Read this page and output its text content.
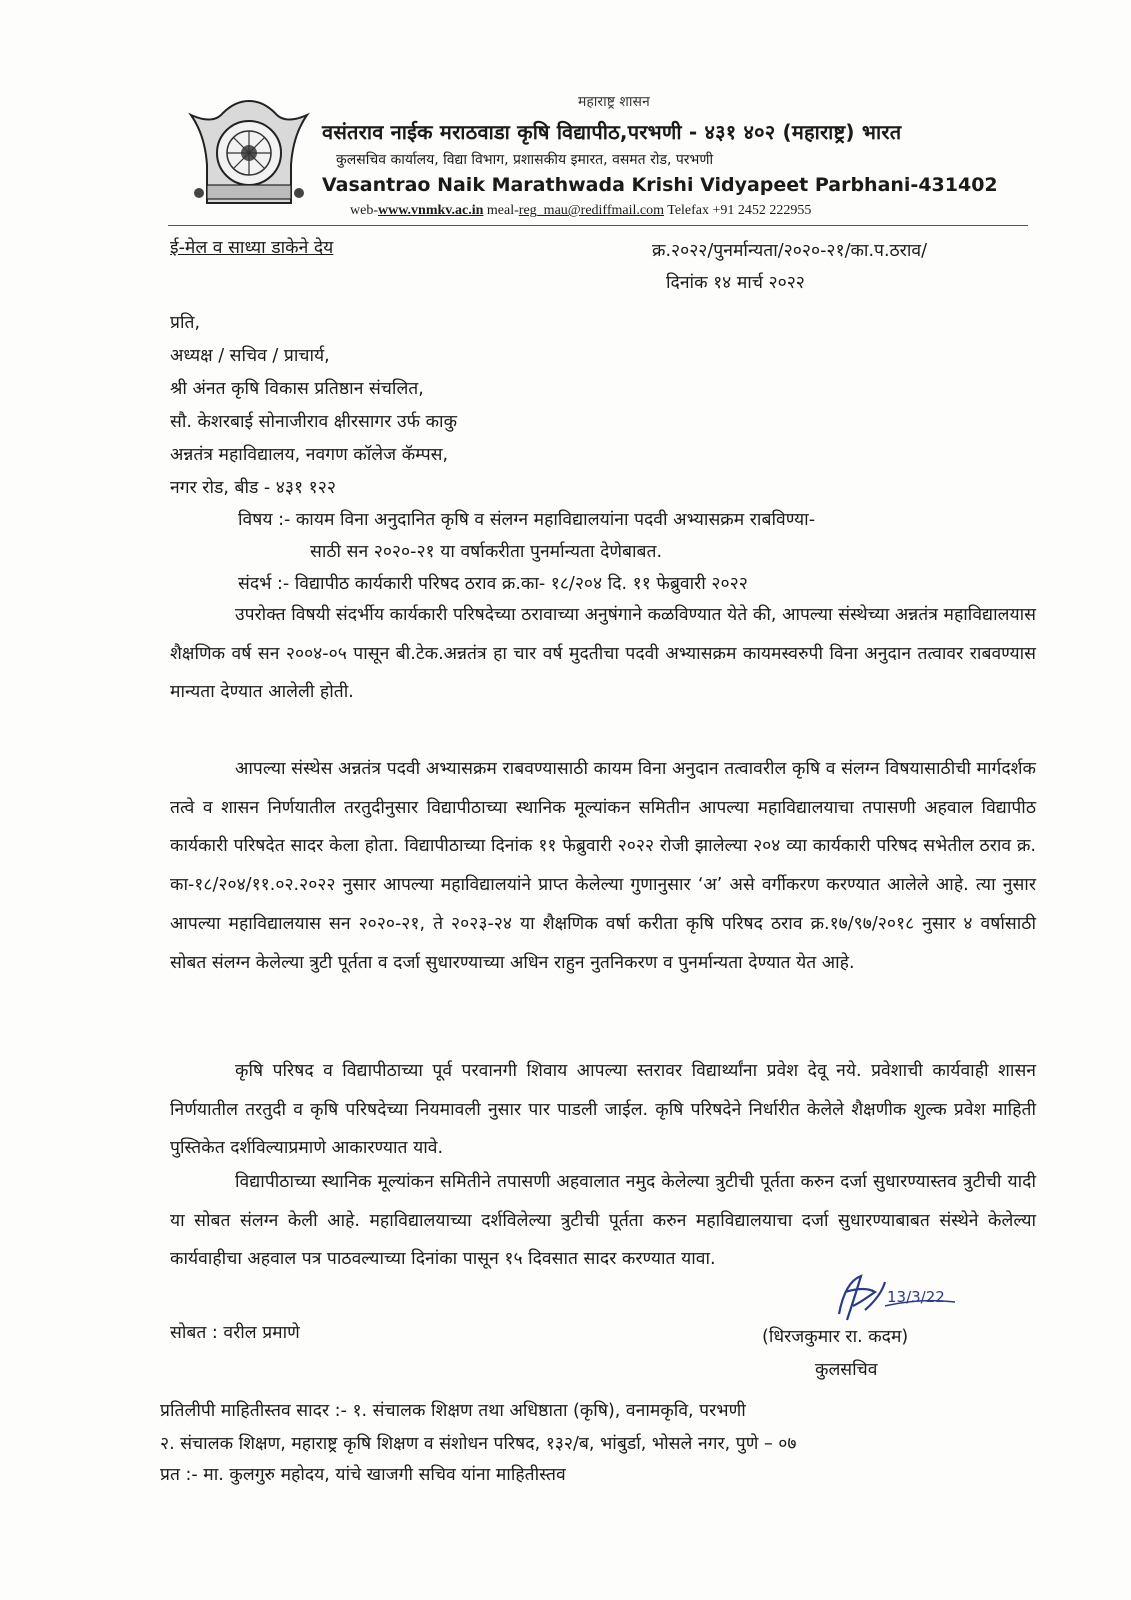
महाराष्ट्र शासन
वसंतराव नाईक मराठवाडा कृषि विद्यापीठ,परभणी - ४३१ ४०२ (महाराष्ट्र) भारत
कुलसचिव कार्यालय, विद्या विभाग, प्रशासकीय इमारत, वसमत रोड, परभणी
Vasantrao Naik Marathwada Krishi Vidyapeet Parbhani-431402
web-www.vnmkv.ac.in meal-reg_mau@rediffmail.com Telefax +91 2452 222955
ई-मेल व साध्या डाकेने देय	क्र.२०२२/पुनर्मान्यता/२०२०-२१/का.प.ठराव/
दिनांक १४ मार्च २०२२
प्रति,
अध्यक्ष / सचिव / प्राचार्य,
श्री अंनत कृषि विकास प्रतिष्ठान संचलित,
सौ. केशरबाई सोनाजीराव क्षीरसागर उर्फ काकु
अन्नतंत्र महाविद्यालय, नवगण कॉलेज कॅम्पस,
नगर रोड, बीड - ४३१ १२२
विषय :- कायम विना अनुदानित कृषि व संलग्न महाविद्यालयांना पदवी अभ्यासक्रम राबविण्या-
साठी सन २०२०-२१ या वर्षाकरीता पुनर्मान्यता देणेबाबत.
संदर्भ :- विद्यापीठ कार्यकारी परिषद ठराव क्र.का- १८/२०४ दि. ११ फेब्रुवारी २०२२

उपरोक्त विषयी संदर्भीय कार्यकारी परिषदेच्या ठरावाच्या अनुषंगाने कळविण्यात येते की, आपल्या संस्थेच्या अन्नतंत्र महाविद्यालयास शैक्षणिक वर्ष सन २००४-०५ पासून बी.टेक.अन्नतंत्र हा चार वर्ष मुदतीचा पदवी अभ्यासक्रम कायमस्वरुपी विना अनुदान तत्वावर राबवण्यास मान्यता देण्यात आलेली होती.

आपल्या संस्थेस अन्नतंत्र पदवी अभ्यासक्रम राबवण्यासाठी कायम विना अनुदान तत्वावरील कृषि व संलग्न विषयासाठीची मार्गदर्शक तत्वे व शासन निर्णयातील तरतुदीनुसार विद्यापीठाच्या स्थानिक मूल्यांकन समितीन आपल्या महाविद्यालयाचा तपासणी अहवाल विद्यापीठ कार्यकारी परिषदेत सादर केला होता. विद्यापीठाच्या दिनांक ११ फेब्रुवारी २०२२ रोजी झालेल्या २०४ व्या कार्यकारी परिषद सभेतील ठराव क्र. का-१८/२०४/११.०२.२०२२ नुसार आपल्या महाविद्यालयांने प्राप्त केलेल्या गुणानुसार ‘अ’ असे वर्गीकरण करण्यात आलेले आहे. त्या नुसार आपल्या महाविद्यालयास सन २०२०-२१, ते २०२३-२४ या शैक्षणिक वर्षा करीता कृषि परिषद ठराव क्र.१७/९७/२०१८ नुसार ४ वर्षासाठी सोबत संलग्न केलेल्या त्रुटी पूर्तता व दर्जा सुधारण्याच्या अधिन राहुन नुतनिकरण व पुनर्मान्यता देण्यात येत आहे.

कृषि परिषद व विद्यापीठाच्या पूर्व परवानगी शिवाय आपल्या स्तरावर विद्यार्थ्यांना प्रवेश देवू नये. प्रवेशाची कार्यवाही शासन निर्णयातील तरतुदी व कृषि परिषदेच्या नियमावली नुसार पार पाडली जाईल. कृषि परिषदेने निर्धारीत केलेले शैक्षणीक शुल्क प्रवेश माहिती पुस्तिकेत दर्शविल्याप्रमाणे आकारण्यात यावे.

विद्यापीठाच्या स्थानिक मूल्यांकन समितीने तपासणी अहवालात नमुद केलेल्या त्रुटीची पूर्तता करुन दर्जा सुधारण्यास्तव त्रुटीची यादी या सोबत संलग्न केली आहे. महाविद्यालयाच्या दर्शविलेल्या त्रुटीची पूर्तता करुन महाविद्यालयाचा दर्जा सुधारण्याबाबत संस्थेने केलेल्या कार्यवाहीचा अहवाल पत्र पाठवल्याच्या दिनांका पासून १५ दिवसात सादर करण्यात यावा.

सोबत : वरील प्रमाणे
13/3/22
(धिरजकुमार रा. कदम)
कुलसचिव
प्रतिलीपी माहितीस्तव सादर :- १. संचालक शिक्षण तथा अधिष्ठाता (कृषि), वनामकृवि, परभणी
२. संचालक शिक्षण, महाराष्ट्र कृषि शिक्षण व संशोधन परिषद, १३२/ब, भांबुर्डा, भोसले नगर, पुणे – ०७
प्रत :- मा. कुलगुरु महोदय, यांचे खाजगी सचिव यांना माहितीस्तव
